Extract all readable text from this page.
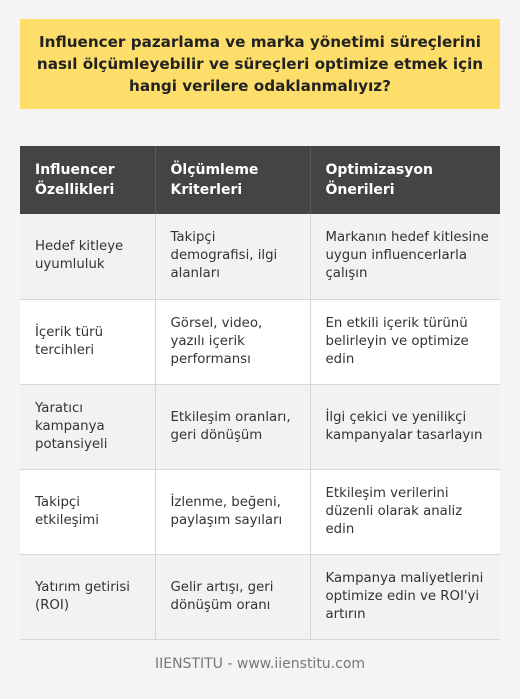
Influencer pazarlama ve marka yönetimi süreçlerini nasıl ölçümleyebilir ve süreçleri optimize etmek için hangi verilere odaklanmalıyız?
Influencer Özellikleri	Ölçümleme Kriterleri	Optimizasyon Önerileri
Hedef kitleye uyumluluk	Takipçi demografisi, ilgi alanları	Markanın hedef kitlesine uygun influencerlarla çalışın
İçerik türü tercihleri	Görsel, video, yazılı içerik performansı	En etkili içerik türünü belirleyin ve optimize edin
Yaratıcı kampanya potansiyeli	Etkileşim oranları, geri dönüşüm	İlgi çekici ve yenilikçi kampanyalar tasarlayın
Takipçi etkileşimi	İzlenme, beğeni, paylaşım sayıları	Etkileşim verilerini düzenli olarak analiz edin
Yatırım getirisi (ROI)	Gelir artışı, geri dönüşüm oranı	Kampanya maliyetlerini optimize edin ve ROI'yi artırın
IIENSTITU - www.iienstitu.com
